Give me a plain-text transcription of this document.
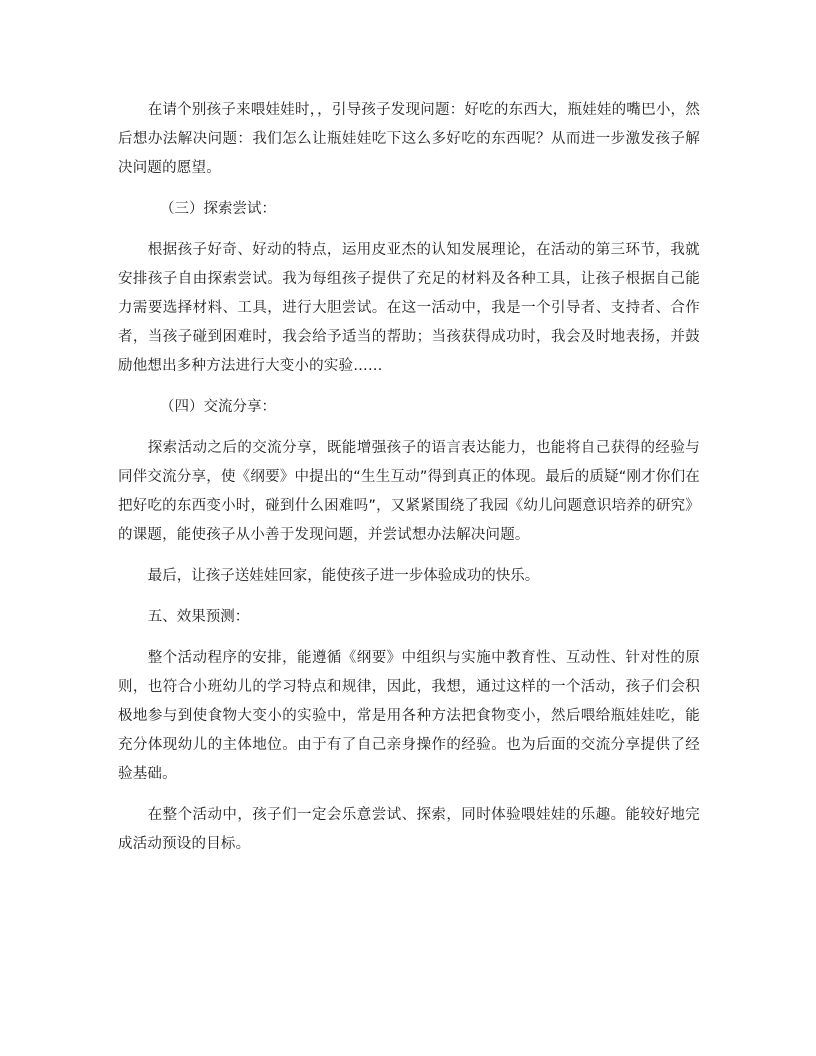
在请个别孩子来喂娃娃时，，引导孩子发现问题：好吃的东西大，瓶娃娃的嘴巴小，然后想办法解决问题：我们怎么让瓶娃娃吃下这么多好吃的东西呢？从而进一步激发孩子解决问题的愿望。

（三）探索尝试：

根据孩子好奇、好动的特点，运用皮亚杰的认知发展理论，在活动的第三环节，我就安排孩子自由探索尝试。我为每组孩子提供了充足的材料及各种工具，让孩子根据自己能力需要选择材料、工具，进行大胆尝试。在这一活动中，我是一个引导者、支持者、合作者，当孩子碰到困难时，我会给予适当的帮助；当孩获得成功时，我会及时地表扬，并鼓励他想出多种方法进行大变小的实验……

（四）交流分享：

探索活动之后的交流分享，既能增强孩子的语言表达能力，也能将自己获得的经验与同伴交流分享，使《纲要》中提出的“生生互动”得到真正的体现。最后的质疑“刚才你们在把好吃的东西变小时，碰到什么困难吗”，又紧紧围绕了我园《幼儿问题意识培养的研究》的课题，能使孩子从小善于发现问题，并尝试想办法解决问题。

最后，让孩子送娃娃回家，能使孩子进一步体验成功的快乐。

五、效果预测：

整个活动程序的安排，能遵循《纲要》中组织与实施中教育性、互动性、针对性的原则，也符合小班幼儿的学习特点和规律，因此，我想，通过这样的一个活动，孩子们会积极地参与到使食物大变小的实验中，常是用各种方法把食物变小，然后喂给瓶娃娃吃，能充分体现幼儿的主体地位。由于有了自己亲身操作的经验。也为后面的交流分享提供了经验基础。

在整个活动中，孩子们一定会乐意尝试、探索，同时体验喂娃娃的乐趣。能较好地完成活动预设的目标。
